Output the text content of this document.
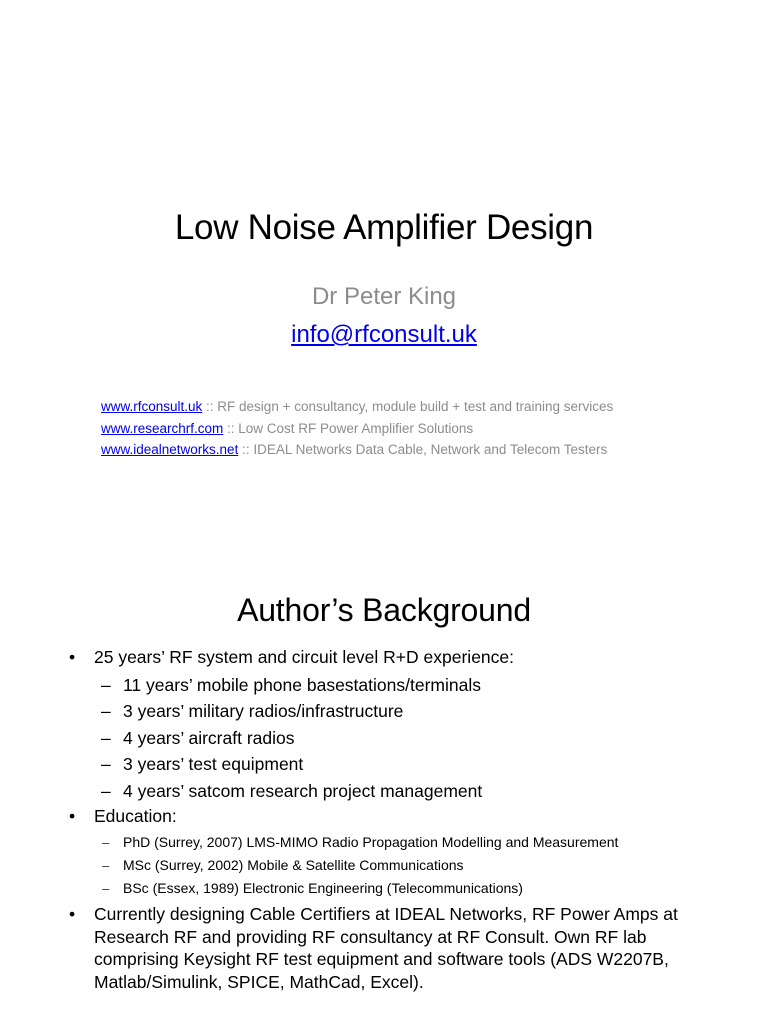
Low Noise Amplifier Design
Dr Peter King
info@rfconsult.uk
www.rfconsult.uk :: RF design + consultancy, module build + test and training services
www.researchrf.com :: Low Cost RF Power Amplifier Solutions
www.idealnetworks.net :: IDEAL Networks Data Cable, Network and Telecom Testers
Author’s Background
• 25 years’ RF system and circuit level R+D experience:
– 11 years’ mobile phone basestations/terminals
– 3 years’ military radios/infrastructure
– 4 years’ aircraft radios
– 3 years’ test equipment
– 4 years’ satcom research project management
• Education:
– PhD (Surrey, 2007) LMS-MIMO Radio Propagation Modelling and Measurement
– MSc (Surrey, 2002) Mobile & Satellite Communications
– BSc (Essex, 1989) Electronic Engineering (Telecommunications)
• Currently designing Cable Certifiers at IDEAL Networks, RF Power Amps at Research RF and providing RF consultancy at RF Consult. Own RF lab comprising Keysight RF test equipment and software tools (ADS W2207B, Matlab/Simulink, SPICE, MathCad, Excel).
